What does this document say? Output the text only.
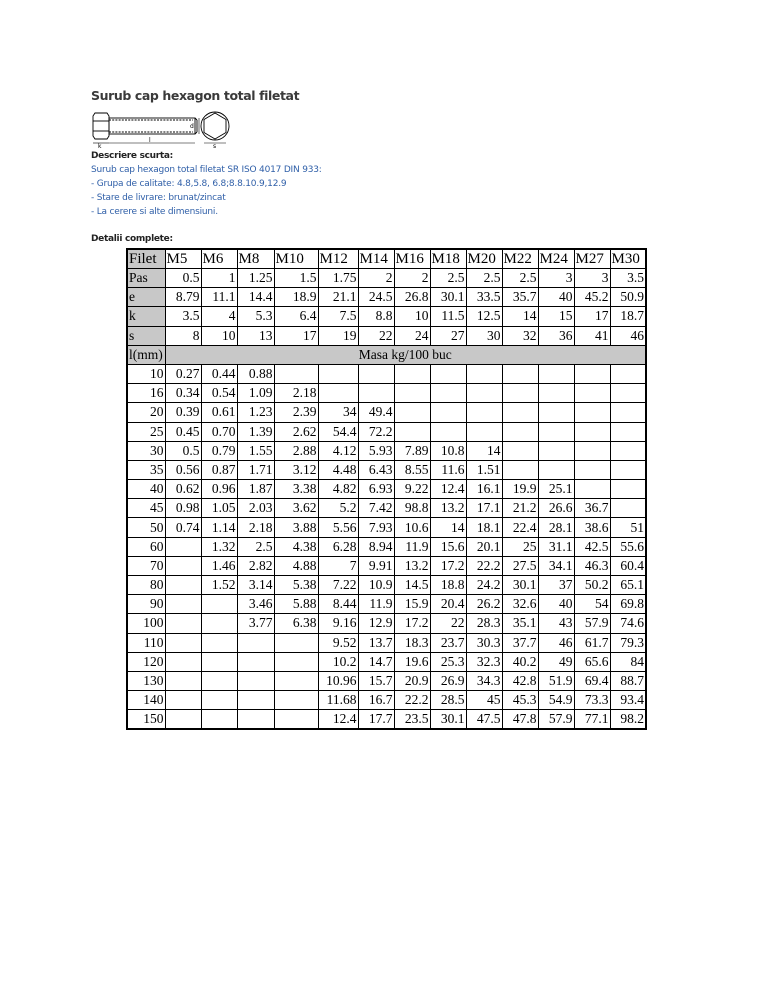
Surub cap hexagon total filetat
k
l
d
s
Descriere scurta:
Surub cap hexagon total filetat SR ISO 4017 DIN 933:
- Grupa de calitate: 4.8,5.8, 6.8;8.8.10.9,12.9
- Stare de livrare: brunat/zincat
- La cerere si alte dimensiuni.
Detalii complete:
Filet	M5	M6	M8	M10	M12	M14	M16	M18	M20	M22	M24	M27	M30
Pas	0.5	1	1.25	1.5	1.75	2	2	2.5	2.5	2.5	3	3	3.5
e	8.79	11.1	14.4	18.9	21.1	24.5	26.8	30.1	33.5	35.7	40	45.2	50.9
k	3.5	4	5.3	6.4	7.5	8.8	10	11.5	12.5	14	15	17	18.7
s	8	10	13	17	19	22	24	27	30	32	36	41	46
l(mm)	Masa kg/100 buc												
10	0.27	0.44	0.88										
16	0.34	0.54	1.09	2.18									
20	0.39	0.61	1.23	2.39	34	49.4							
25	0.45	0.70	1.39	2.62	54.4	72.2							
30	0.5	0.79	1.55	2.88	4.12	5.93	7.89	10.8	14				
35	0.56	0.87	1.71	3.12	4.48	6.43	8.55	11.6	1.51				
40	0.62	0.96	1.87	3.38	4.82	6.93	9.22	12.4	16.1	19.9	25.1		
45	0.98	1.05	2.03	3.62	5.2	7.42	98.8	13.2	17.1	21.2	26.6	36.7	
50	0.74	1.14	2.18	3.88	5.56	7.93	10.6	14	18.1	22.4	28.1	38.6	51
60		1.32	2.5	4.38	6.28	8.94	11.9	15.6	20.1	25	31.1	42.5	55.6
70		1.46	2.82	4.88	7	9.91	13.2	17.2	22.2	27.5	34.1	46.3	60.4
80		1.52	3.14	5.38	7.22	10.9	14.5	18.8	24.2	30.1	37	50.2	65.1
90			3.46	5.88	8.44	11.9	15.9	20.4	26.2	32.6	40	54	69.8
100			3.77	6.38	9.16	12.9	17.2	22	28.3	35.1	43	57.9	74.6
110					9.52	13.7	18.3	23.7	30.3	37.7	46	61.7	79.3
120					10.2	14.7	19.6	25.3	32.3	40.2	49	65.6	84
130					10.96	15.7	20.9	26.9	34.3	42.8	51.9	69.4	88.7
140					11.68	16.7	22.2	28.5	45	45.3	54.9	73.3	93.4
150					12.4	17.7	23.5	30.1	47.5	47.8	57.9	77.1	98.2
